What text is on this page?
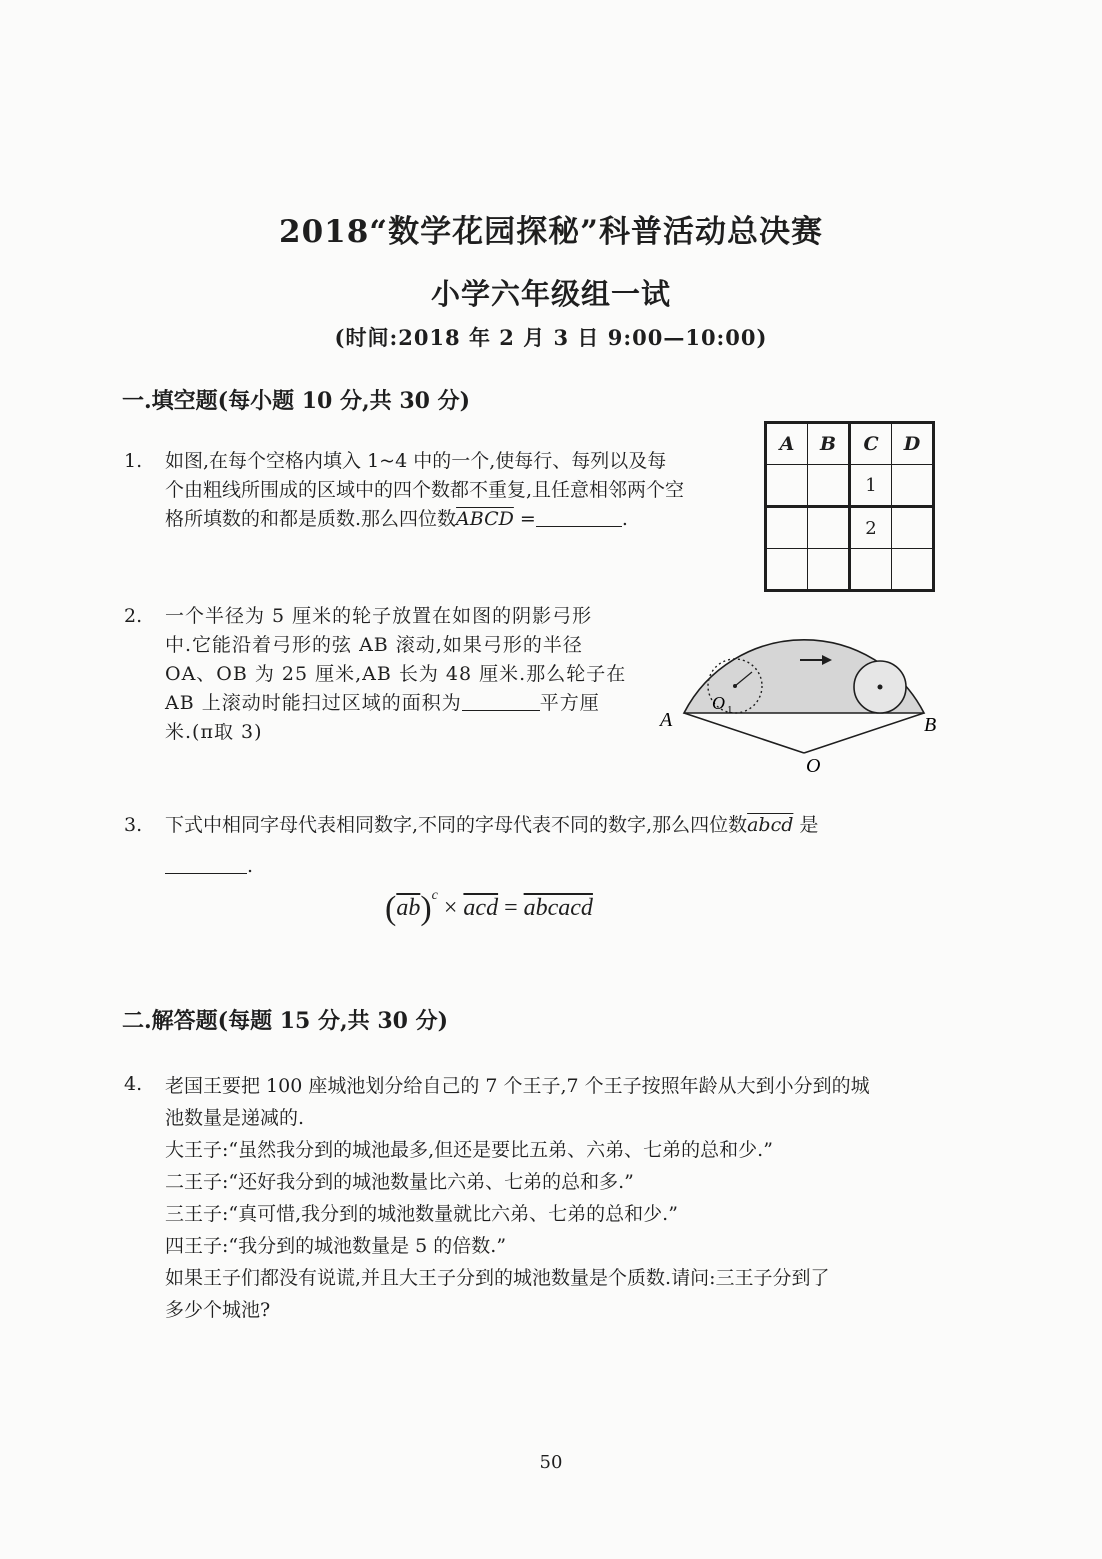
2018“数学花园探秘”科普活动总决赛
小学六年级组一试
(时间:2018 年 2 月 3 日 9:00—10:00)
一.填空题(每小题 10 分,共 30 分)
1. 如图,在每个空格内填入 1~4 中的一个,使每行、每列以及每
个由粗线所围成的区域中的四个数都不重复,且任意相邻两个空
格所填数的和都是质数.那么四位数ABCD =	.
A	B	C	D
		1	
		2	

2. 一个半径为 5 厘米的轮子放置在如图的阴影弓形
中.它能沿着弓形的弦 AB 滚动,如果弓形的半径
OA、OB 为 25 厘米,AB 长为 48 厘米.那么轮子在
AB 上滚动时能扫过区域的面积为	平方厘
米.(π取 3)
A	B
O
O 1
3. 下式中相同字母代表相同数字,不同的字母代表不同的数字,那么四位数abcd 是
.
$(\overline{ab})^c \times \overline{acd}$ = abcacd
二.解答题(每题 15 分,共 30 分)
4. 老国王要把 100 座城池划分给自己的 7 个王子,7 个王子按照年龄从大到小分到的城
池数量是递减的.
大王子:“虽然我分到的城池最多,但还是要比五弟、六弟、七弟的总和少.”
二王子:“还好我分到的城池数量比六弟、七弟的总和多.”
三王子:“真可惜,我分到的城池数量就比六弟、七弟的总和少.”
四王子:“我分到的城池数量是 5 的倍数.”
如果王子们都没有说谎,并且大王子分到的城池数量是个质数.请问:三王子分到了
多少个城池?
50
